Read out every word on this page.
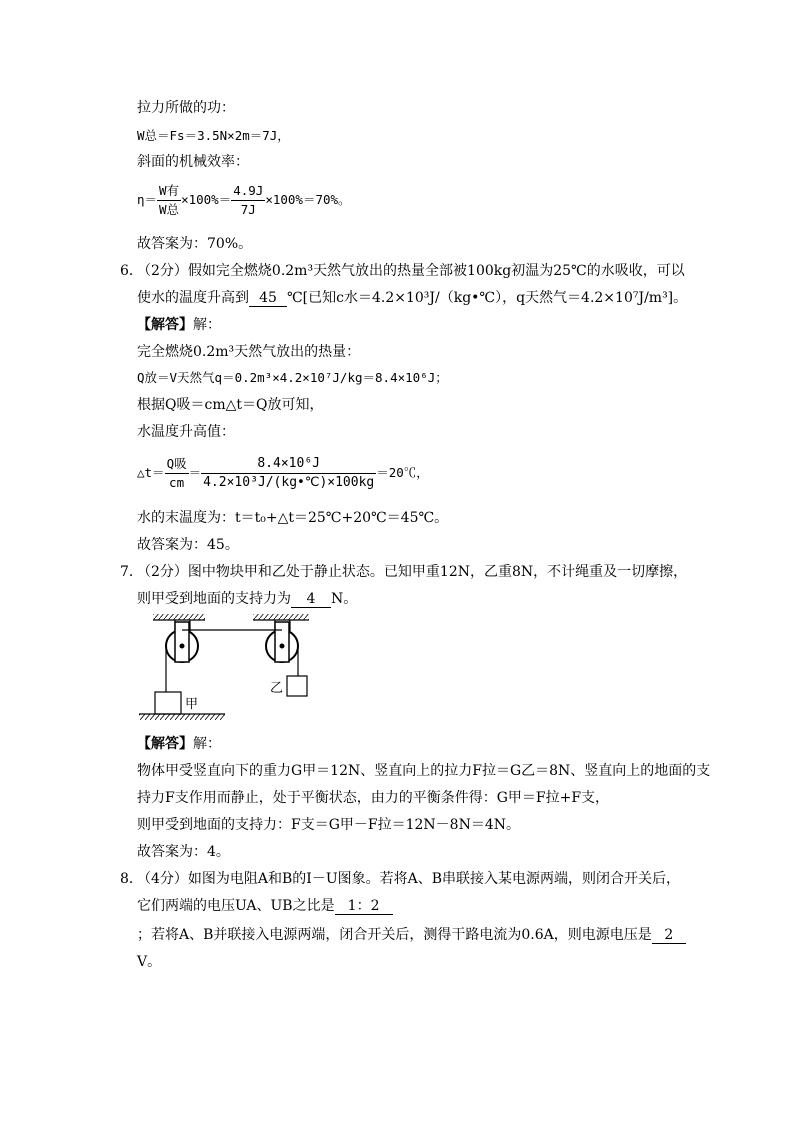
拉力所做的功：
W总＝Fs＝3.5N×2m＝7J，
斜面的机械效率：
$\eta= \frac{\text{W有}}{\text{W总}} \times 100\%= \frac{4.9J}{7J} \times 100\%=70\%$。
故答案为：70%。
6．
（2分）假如完全燃烧0.2m³天然气放出的热量全部被100kg初温为25℃的水吸收，可以
使水的温度升高到 45 ℃[已知c水＝4.2×10³J/（kg•℃），q天然气＝4.2×10⁷J/m³]。
【解答】解：
完全燃烧0.2m³天然气放出的热量：
Q放＝V天然气q＝0.2m³×4.2×10⁷J/kg＝8.4×10⁶J；
根据Q吸＝cm△t＝Q放可知，
水温度升高值：
△t＝ $\frac{\text{Q吸}}{cm} = \frac{\text{8.4×10⁶J}}{\text{4.2×10³J/(kg•℃)×100kg}}$ ＝20℃，
水的末温度为：t＝t₀+△t＝25℃+20℃＝45℃。
故答案为：45。
7．
（2分）图中物块甲和乙处于静止状态。已知甲重12N，乙重8N，不计绳重及一切摩擦，
则甲受到地面的支持力为 4 N。
甲
乙
【解答】解：
物体甲受竖直向下的重力G甲＝12N、竖直向上的拉力F拉＝G乙＝8N、竖直向上的地面的支
持力F支作用而静止，处于平衡状态，由力的平衡条件得：G甲＝F拉+F支，
则甲受到地面的支持力：F支＝G甲－F拉＝12N－8N＝4N。
故答案为：4。
8．
（4分）如图为电阻A和B的I－U图象。若将A、B串联接入某电源两端，则闭合开关后，
它们两端的电压UA、UB之比是 1：2
；若将A、B并联接入电源两端，闭合开关后，测得干路电流为0.6A，则电源电压是 2
V。
